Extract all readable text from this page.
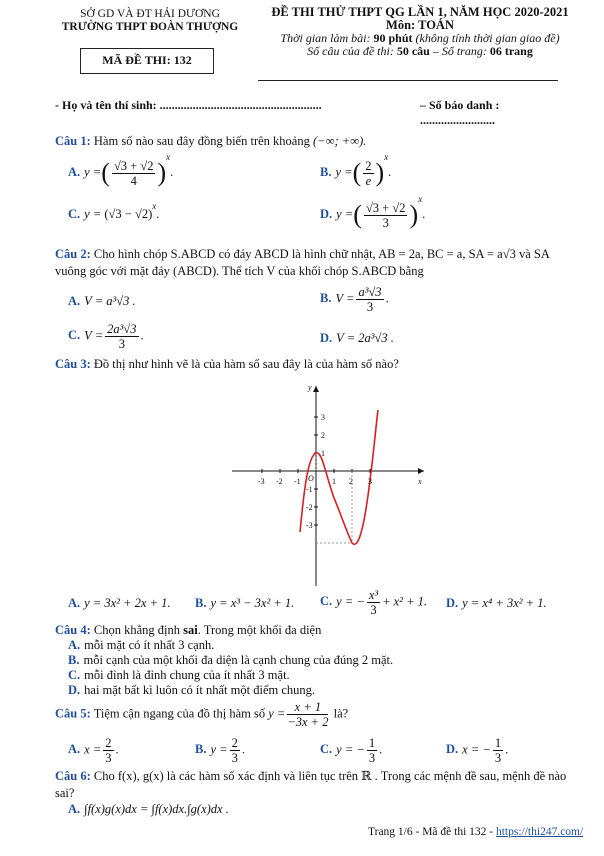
SỞ GD VÀ ĐT HẢI DƯƠNG
TRƯỜNG THPT ĐOÀN THƯỢNG
MÃ ĐỀ THI: 132
ĐỀ THI THỬ THPT QG LẦN 1, NĂM HỌC 2020-2021
Môn: TOÁN
Thời gian làm bài: 90 phút (không tính thời gian giao đề)
Số câu của đề thi: 50 câu – Số trang: 06 trang
- Họ và tên thí sinh: ......................................................	– Số báo danh : .........................
Câu 1: Hàm số nào sau đây đồng biến trên khoảng (−∞; +∞).
A. y =( $\frac{√3 + √2}{4} )^x$.	B. y =( $\frac{2}{e} )^x$.
C. $y = (√3 - √2)^x$.	D. y =( $\frac{√3 + √2}{3} )^x$.
Câu 2: Cho hình chóp S.ABCD có đáy ABCD là hình chữ nhật, AB = 2a, BC = a, SA = a√3 và SA
vuông góc với mặt đáy (ABCD). Thể tích V của khối chóp S.ABCD bằng
A. V = a³√3 .	B. $V = \frac{\text{a³√3}}{3}$ .
C. $V = \frac{\text{2a³√3}}{3}$ .	D. V = 2a³√3 .
Câu 3: Đồ thị như hình vẽ là của hàm số sau đây là của hàm số nào?
-3 -2 -1 O 1 2 3	x
y
3
2
1
-1
-2
-3
A. y = 3x² + 2x + 1. B. y = x³ − 3x² + 1. C. y = − $\frac{\text{x³}}{3} + x^2 + 1$. D. y = x⁴ + 3x² + 1.
Câu 4: Chọn khẳng định sai. Trong một khối đa diện
A. mỗi mặt có ít nhất 3 cạnh.
B. mỗi cạnh của một khối đa diện là cạnh chung của đúng 2 mặt.
C. mỗi đỉnh là đỉnh chung của ít nhất 3 mặt.
D. hai mặt bất kì luôn có ít nhất một điểm chung.
Câu 5: Tiệm cận ngang của đồ thị hàm số $y = \frac{x + 1}{-3x + 2}$ là?
A. $x = \frac{2}{3}$ .	B. $y = \frac{2}{3}$ .	C. y = − $\frac{1}{3}$ .	D. x = − $\frac{1}{3}$ .
Câu 6: Cho f(x), g(x) là các hàm số xác định và liên tục trên ℝ . Trong các mệnh đề sau, mệnh đề nào
sai?
A. ∫f(x)g(x)dx = ∫f(x)dx.∫g(x)dx .
Trang 1/6 - Mã đề thi 132 - https://thi247.com/
